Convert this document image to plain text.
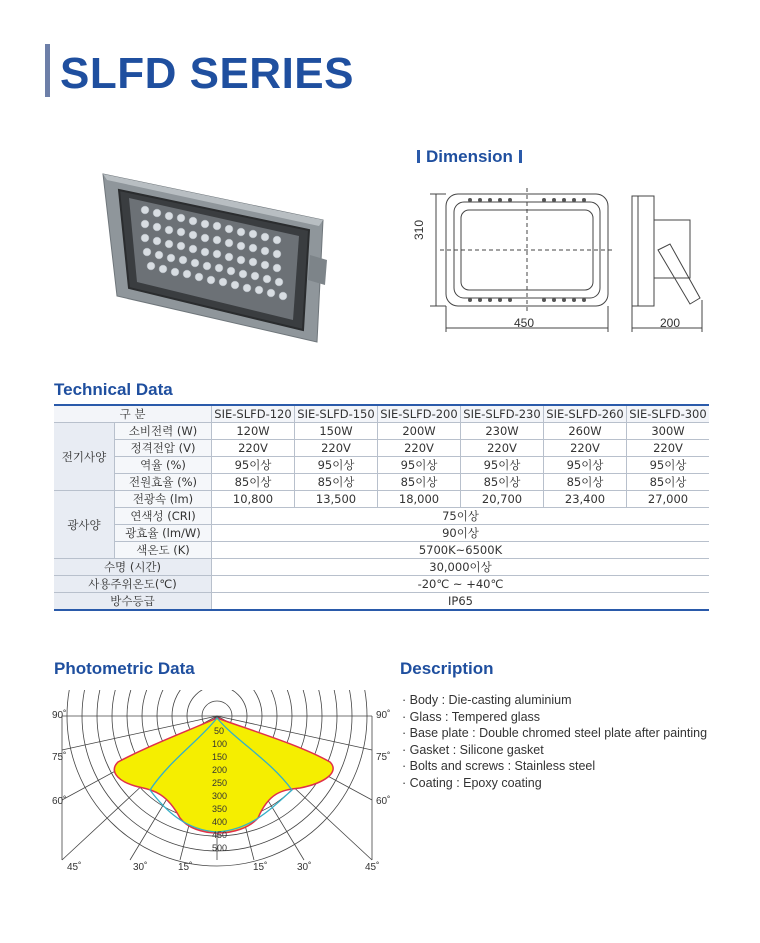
SLFD SERIES
Dimension
310
450	200
Technical Data
구 분		SIE-SLFD-120	SIE-SLFD-150	SIE-SLFD-200	SIE-SLFD-230	SIE-SLFD-260	SIE-SLFD-300
전기사양	소비전력 (W)	120W	150W	200W	230W	260W	300W
	정격전압 (V)	220V	220V	220V	220V	220V	220V
	역율 (%)	95이상	95이상	95이상	95이상	95이상	95이상
	전원효율 (%)	85이상	85이상	85이상	85이상	85이상	85이상
광사양	전광속 (lm)	10,800	13,500	18,000	20,700	23,400	27,000
	연색성 (CRI)	75이상					
	광효율 (lm/W)	90이상					
	색온도 (K)	5700K~6500K					
수명 (시간)		30,000이상					
사용주위온도(℃)		-20℃ ~ +40℃					
방수등급		IP65					
Photometric Data
90˚
75˚
60˚
90˚
75˚
60˚
45˚	30˚	15˚	15˚	30˚	45˚
50
100
150
200
250
300
350
400
450
500
Description
· Body : Die-casting aluminium
· Glass : Tempered glass
· Base plate : Double chromed steel plate after painting
· Gasket : Silicone gasket
· Bolts and screws : Stainless steel
· Coating : Epoxy coating
